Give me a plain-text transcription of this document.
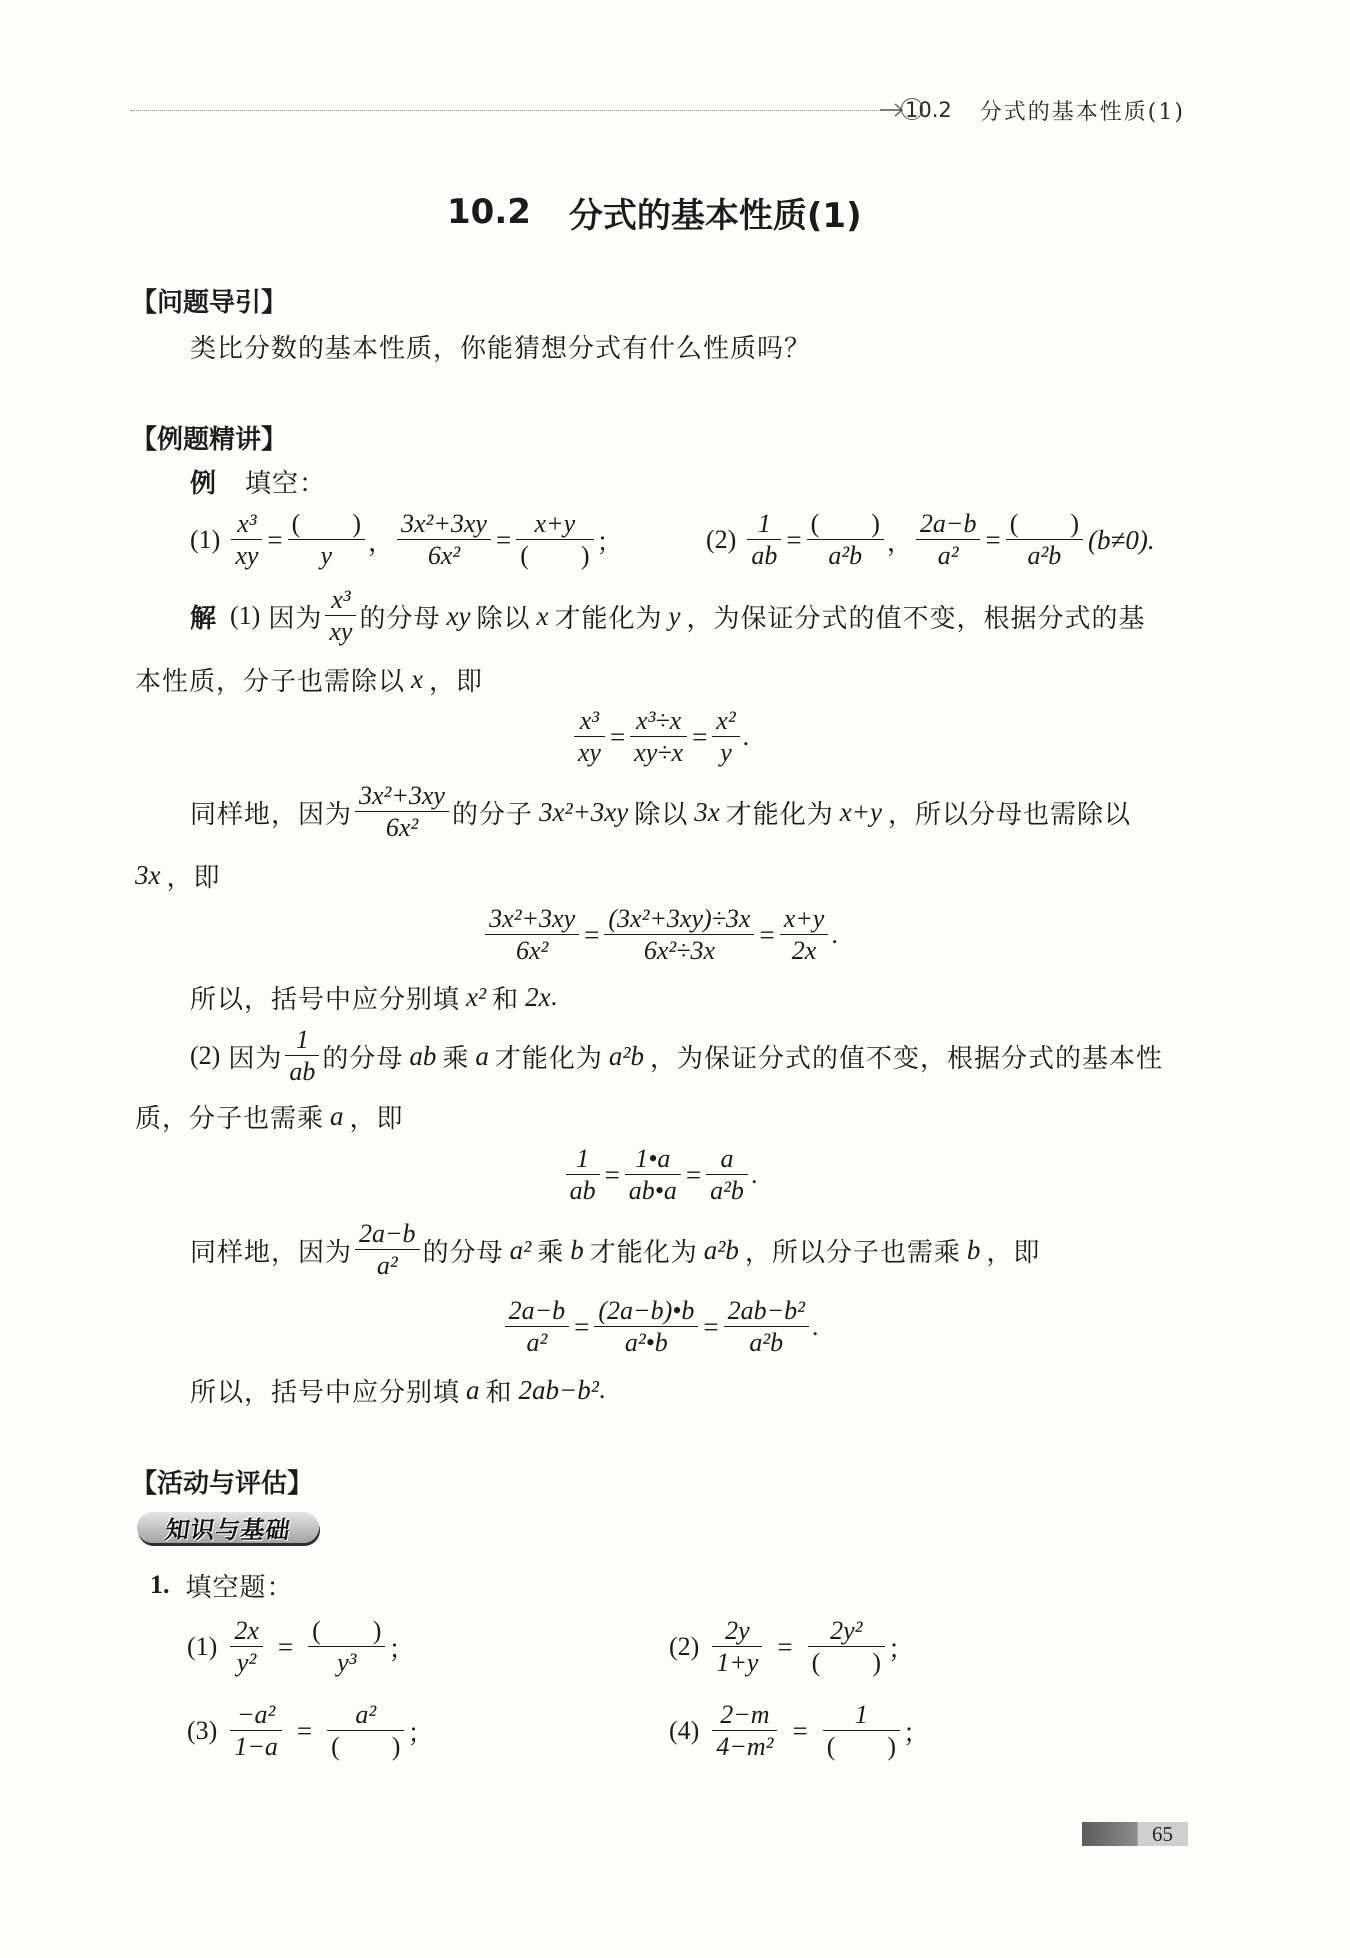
10.2 分式的基本性质(1)
10.2 分式的基本性质(1)
【问题导引】
类比分数的基本性质，你能猜想分式有什么性质吗？
【例题精讲】
例 填空：
$(1) \frac{\text{x³}}{xy} = \frac{( )}{y}$ ， $\frac{\text{3x²+3xy}}{\text{6x²}} = \frac{x+y}{( )}$ ；	$(2) \frac{1}{ab} = \frac{( )}{\text{a²b}}$ ， $\frac{2a-b}{\text{a²}} = \frac{( )}{\text{a²b}} (b\ne 0)$.
解 (1) 因为 $\frac{\text{x³}}{xy}$ 的分母 xy 除以 x 才能化为 y ，为保证分式的值不变，根据分式的基
本性质，分子也需除以 x ，即
$\frac{\text{x³}}{xy} = \frac{\text{x³÷x}}{xy\div x} = \frac{\text{x²}}{y}$ .
同样地，因为 $\frac{\text{3x²+3xy}}{\text{6x²}}$ 的分子 3x²+3xy 除以 3x 才能化为 x+y ，所以分母也需除以
3x ，即
$\frac{\text{3x²+3xy}}{\text{6x²}} = \frac{\text{(3x²+3xy)÷3x}}{\text{6x²÷3x}} = \frac{x+y}{2x}$ .
所以，括号中应分别填 x² 和 2x .
(2) 因为 $\frac{1}{ab}$ 的分母 ab 乘 a 才能化为 a²b ，为保证分式的值不变，根据分式的基本性
质，分子也需乘 a ，即
$\frac{1}{ab} = \frac{1•a}{ab•a} = \frac{a}{\text{a²b}}$ .
同样地，因为 $\frac{2a-b}{\text{a²}}$ 的分母 a² 乘 b 才能化为 a²b ，所以分子也需乘 b ，即
$\frac{2a-b}{\text{a²}} = \frac{(2a-b)•b}{\text{a²•b}} = \frac{\text{2ab−b²}}{\text{a²b}}$ .
所以，括号中应分别填 a 和 2ab−b² .
【活动与评估】
知识与基础
1. 填空题：
$(1) \frac{2x}{\text{y²}} = \frac{( )}{\text{y³}}$ ；	$(2) \frac{2y}{1+y} = \frac{\text{2y²}}{( )}$ ；
$(3) \frac{\text{−a²}}{1-a} = \frac{\text{a²}}{( )}$ ；	$(4) \frac{2-m}{\text{4−m²}} = \frac{1}{( )}$ ；
65
